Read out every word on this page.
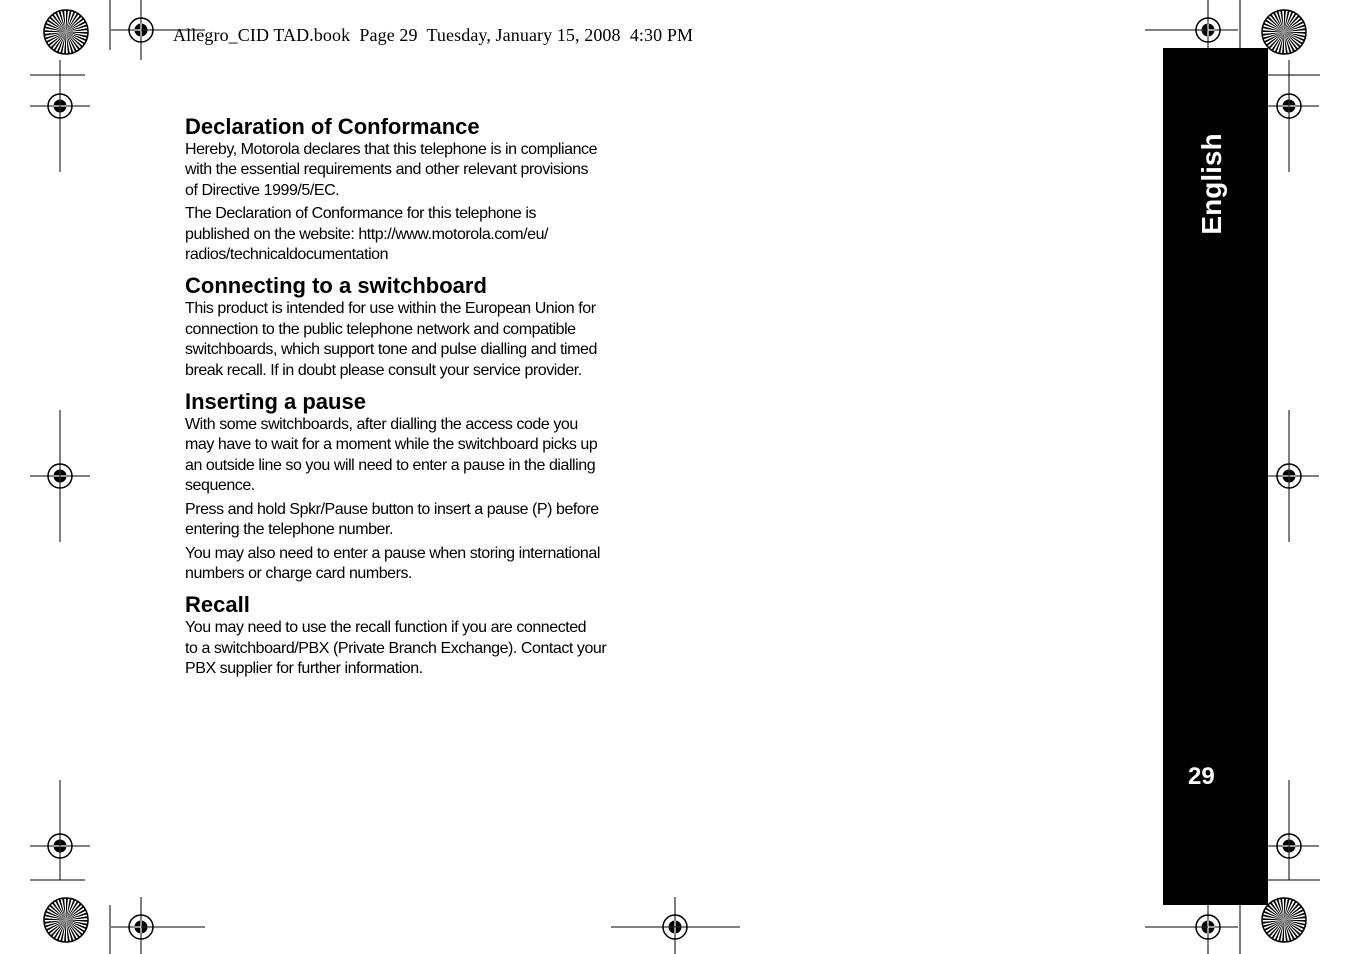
Allegro_CID TAD.book  Page 29  Tuesday, January 15, 2008  4:30 PM
Declaration of Conformance

Hereby, Motorola declares that this telephone is in compliance
with the essential requirements and other relevant provisions
of Directive 1999/5/EC.

The Declaration of Conformance for this telephone is
published on the website: http://www.motorola.com/eu/
radios/technicaldocumentation

Connecting to a switchboard

This product is intended for use within the European Union for
connection to the public telephone network and compatible
switchboards, which support tone and pulse dialling and timed
break recall. If in doubt please consult your service provider.

Inserting a pause

With some switchboards, after dialling the access code you
may have to wait for a moment while the switchboard picks up
an outside line so you will need to enter a pause in the dialling
sequence.

Press and hold Spkr/Pause button to insert a pause (P) before
entering the telephone number.

You may also need to enter a pause when storing international
numbers or charge card numbers.

Recall

You may need to use the recall function if you are connected
to a switchboard/PBX (Private Branch Exchange). Contact your
PBX supplier for further information.

English
29
